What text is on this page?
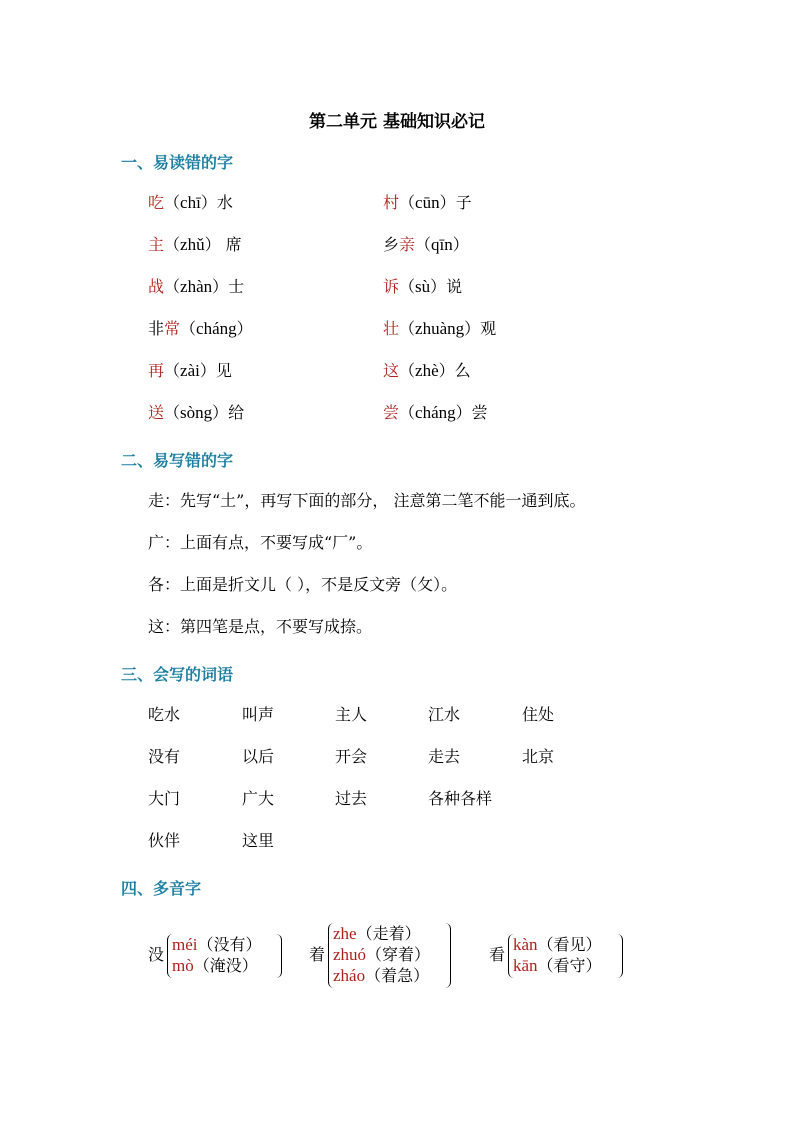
第二单元 基础知识必记
一、易读错的字
吃（chī）水	村（cūn）子
主（zhǔ） 席	乡亲（qīn）
战（zhàn）士	诉（sù）说
非常（cháng）	壮（zhuàng）观
再（zài）见	这（zhè）么
送（sòng）给	尝（cháng）尝
二、易写错的字
走：先写“土”，再写下面的部分， 注意第二笔不能一通到底。
广：上面有点，不要写成“厂”。
各：上面是折文儿（ ），不是反文旁（攵）。
这：第四笔是点，不要写成捺。
三、会写的词语
吃水	叫声	主人	江水	住处
没有	以后	开会	走去	北京
大门	广大	过去	各种各样
伙伴	这里
四、多音字
没
méi（没有）
mò（淹没）
着
zhe（走着）
zhuó（穿着）
zháo（着急）
看
kàn（看见）
kān（看守）
